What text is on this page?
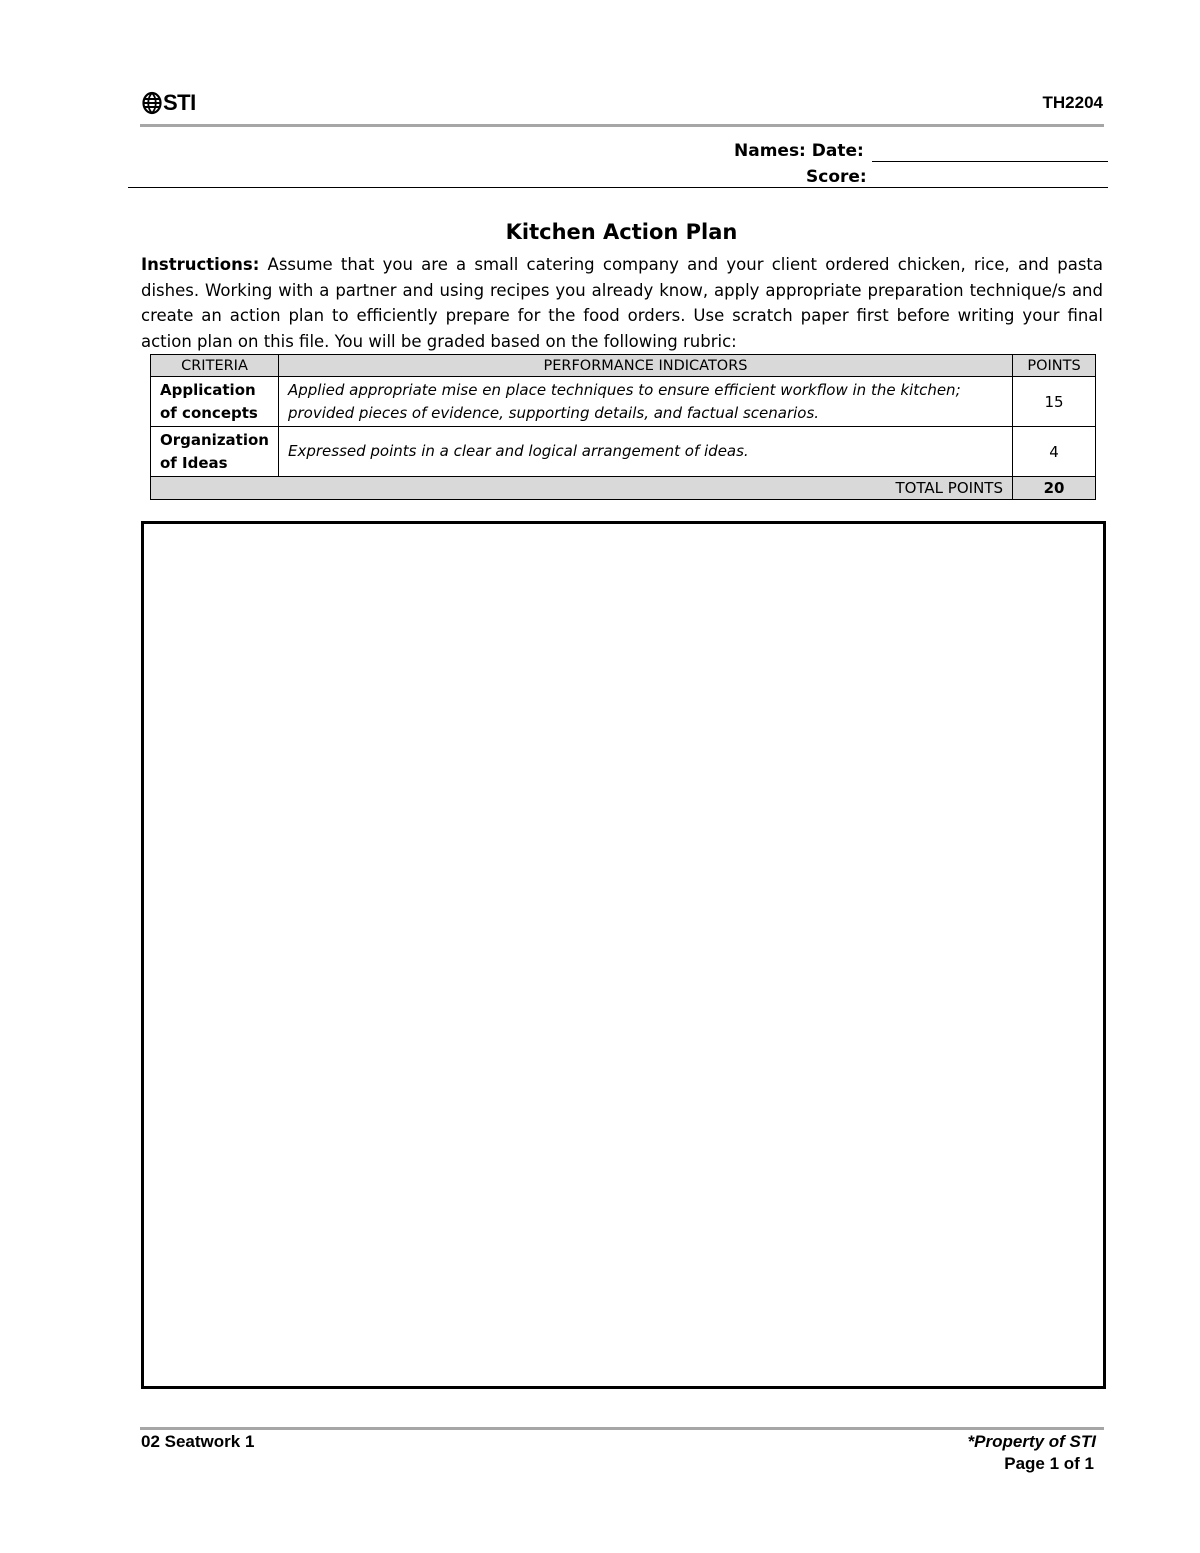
STI	TH2204
Names: Date:
Score:
Kitchen Action Plan
Instructions: Assume that you are a small catering company and your client ordered chicken, rice, and pasta dishes. Working with a partner and using recipes you already know, apply appropriate preparation technique/s and create an action plan to efficiently prepare for the food orders. Use scratch paper first before writing your final action plan on this file. You will be graded based on the following rubric:
CRITERIA	PERFORMANCE INDICATORS	POINTS
Application of concepts	Applied appropriate mise en place techniques to ensure efficient workflow in the kitchen; provided pieces of evidence, supporting details, and factual scenarios.	15
Organization of Ideas	Expressed points in a clear and logical arrangement of ideas.	4
TOTAL POINTS		20
02 Seatwork 1	*Property of STI
Page 1 of 1
